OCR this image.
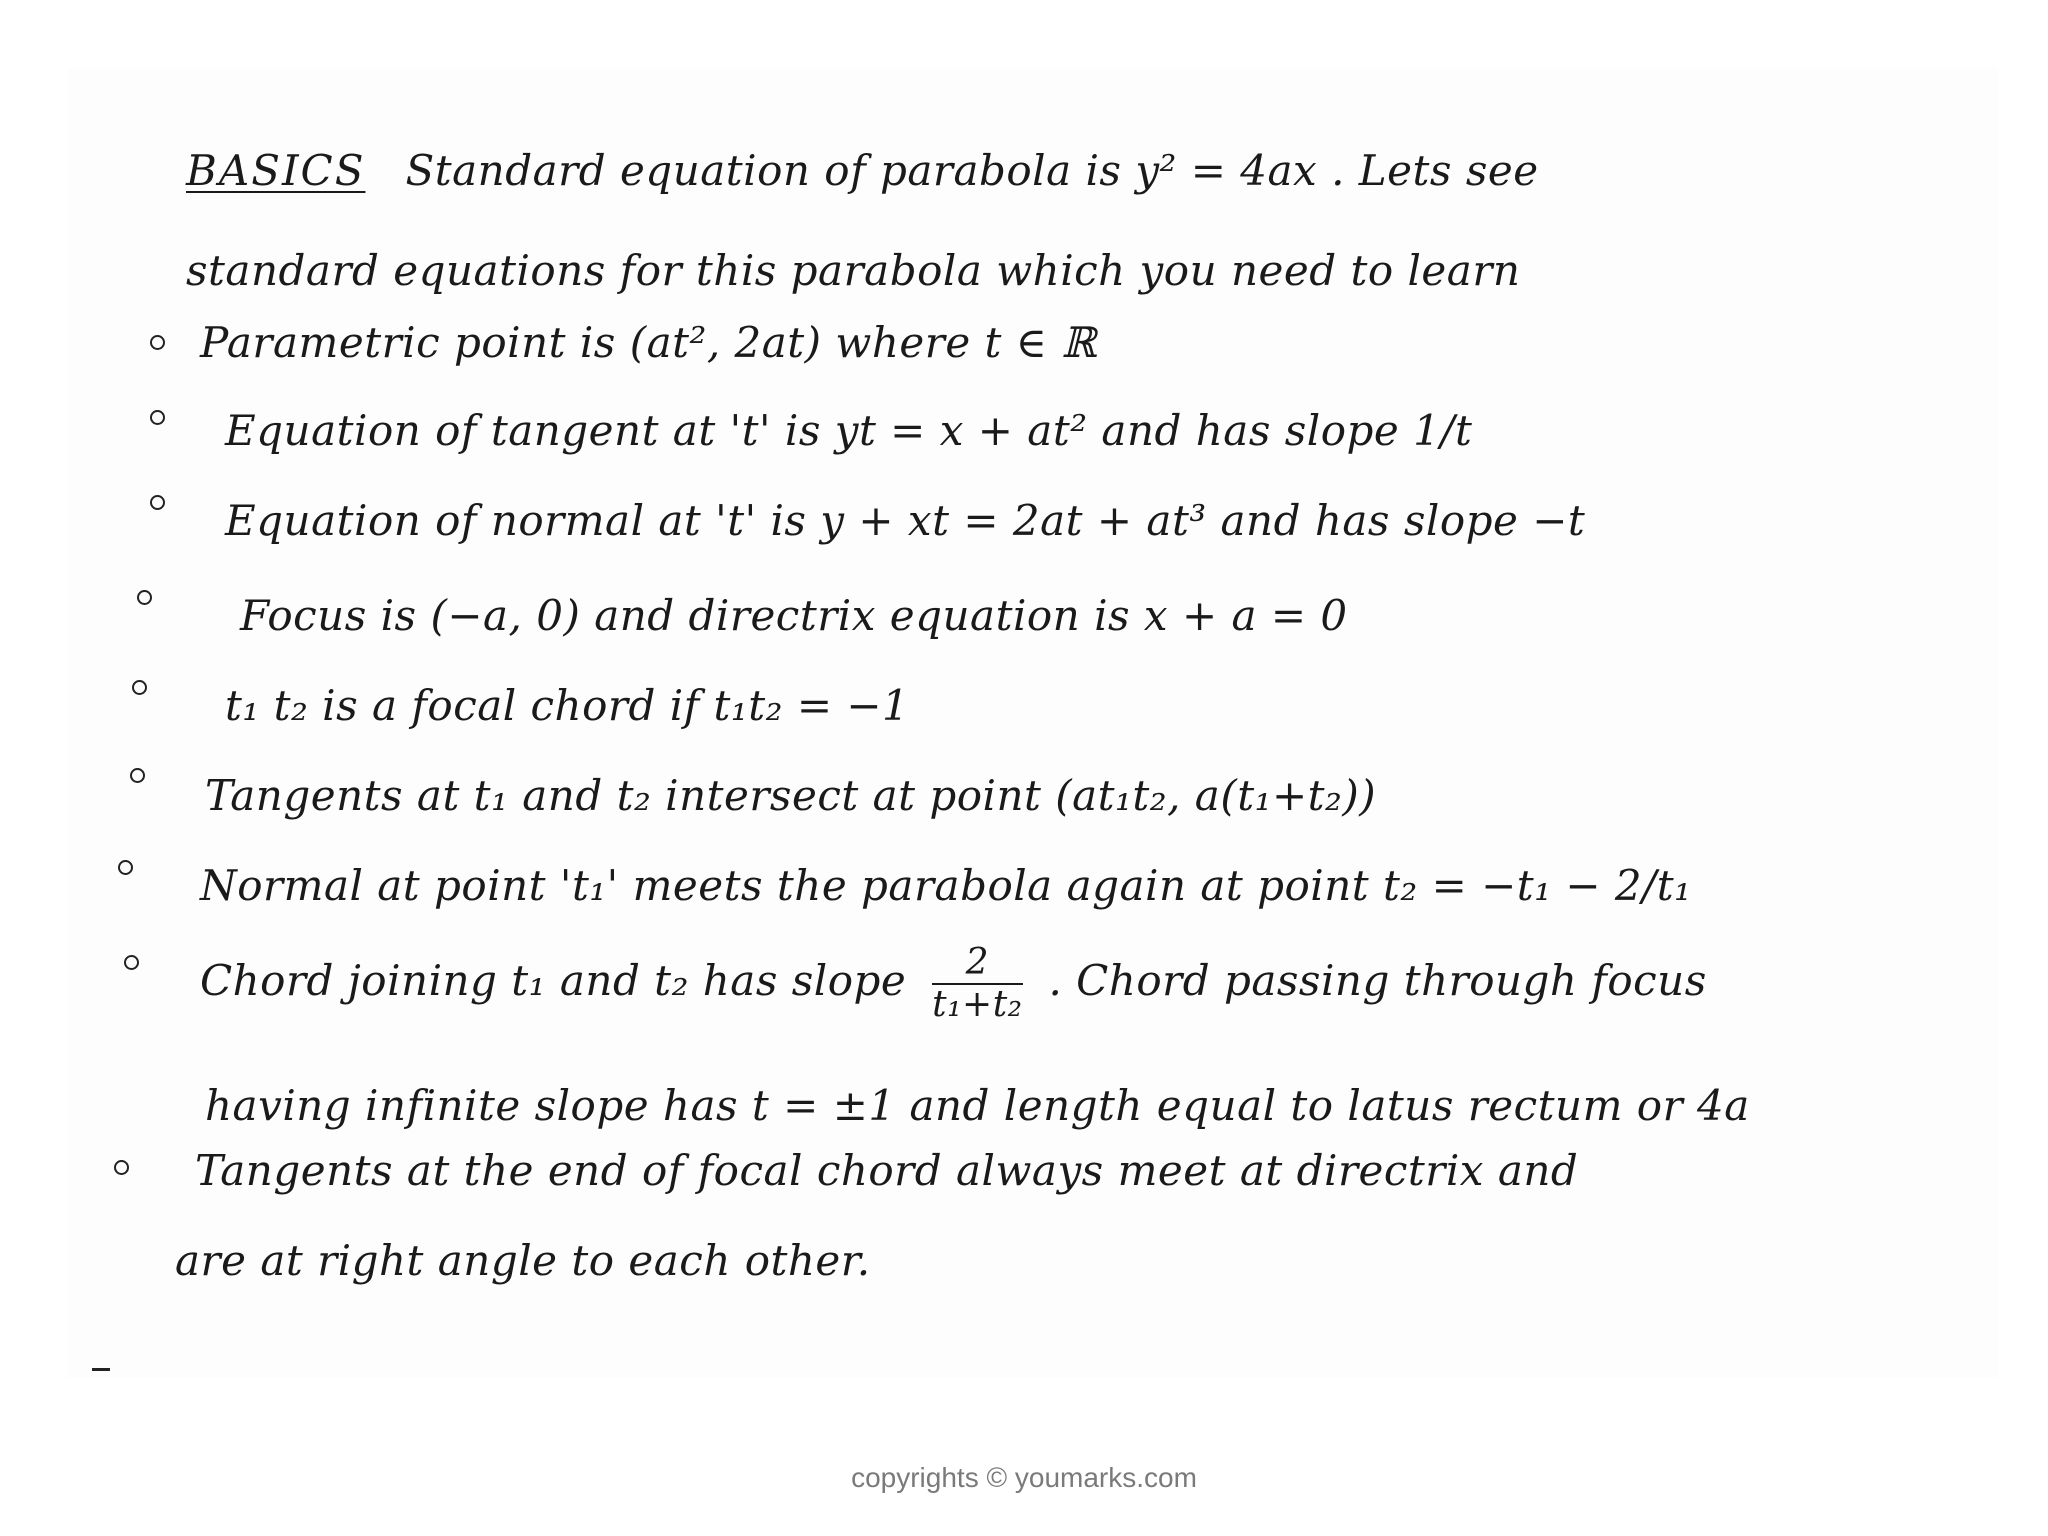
BASICS Standard equation of parabola is y² = 4ax . Lets see
standard equations for this parabola which you need to learn
Parametric point is (at², 2at) where t ∈ ℝ
Equation of tangent at 't' is yt = x + at² and has slope 1/t
Equation of normal at 't' is y + xt = 2at + at³ and has slope −t
Focus is (−a, 0) and directrix equation is x + a = 0
t₁ t₂ is a focal chord if t₁t₂ = −1
Tangents at t₁ and t₂ intersect at point (at₁t₂, a(t₁+t₂))
Normal at point 't₁' meets the parabola again at point t₂ = −t₁ − 2/t₁
Chord joining t₁ and t₂ has slope $\frac{2}{\text{t₁+t₂}}$ . Chord passing through focus
having infinite slope has t = ±1 and length equal to latus rectum or 4a
Tangents at the end of focal chord always meet at directrix and
are at right angle to each other.
copyrights © youmarks.com
